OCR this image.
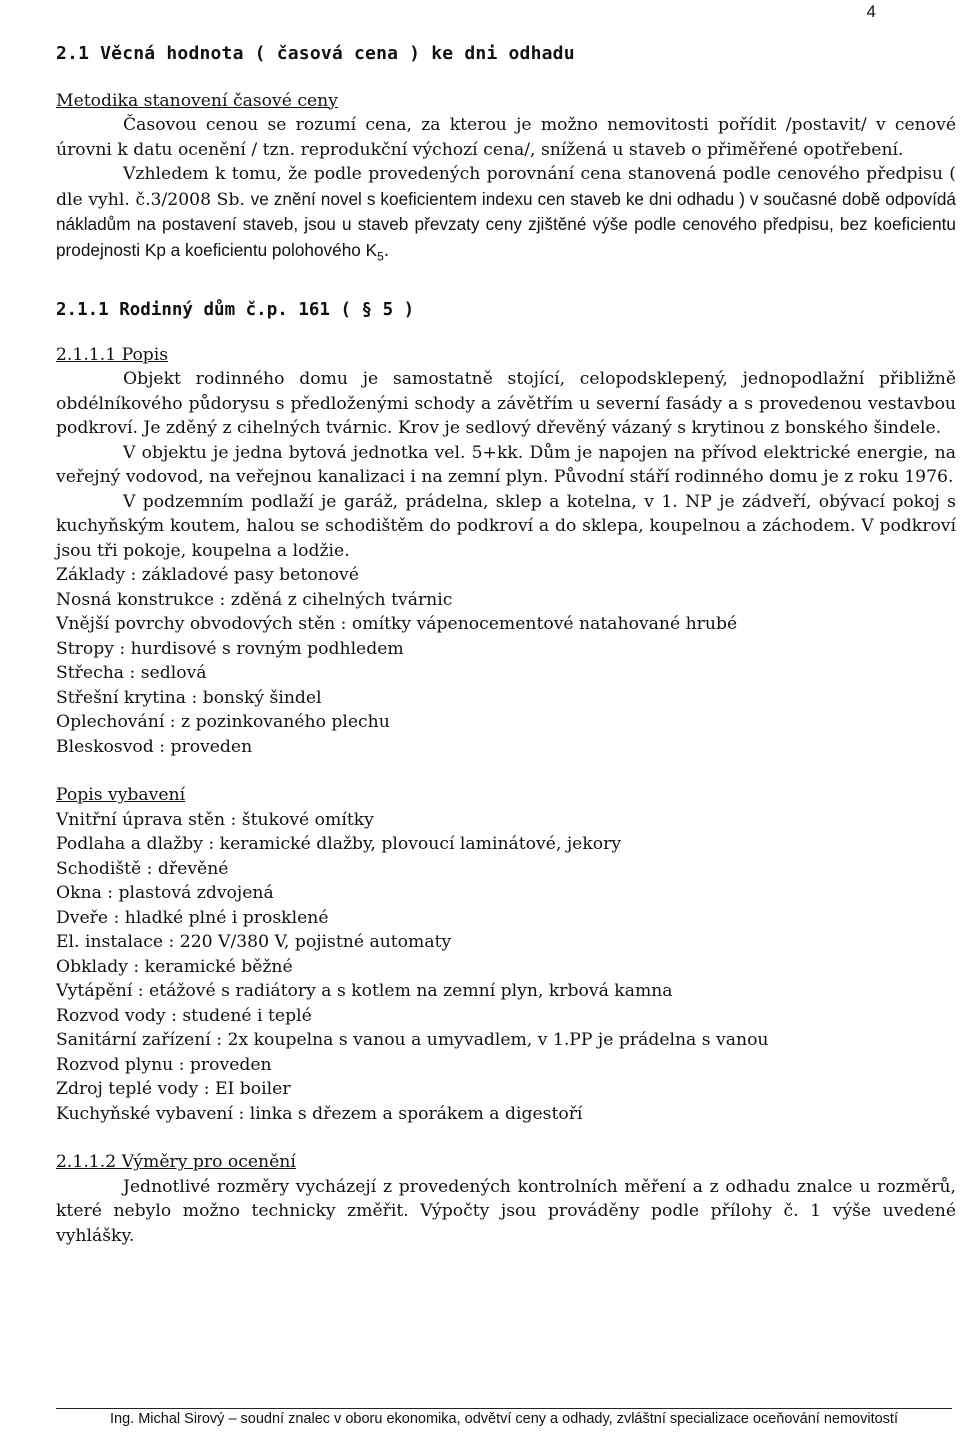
4
2.1 Věcná hodnota ( časová cena ) ke dni odhadu
Metodika stanovení časové ceny

Časovou cenou se rozumí cena, za kterou je možno nemovitosti pořídit /postavit/ v cenové úrovni k datu ocenění / tzn. reprodukční výchozí cena/, snížená u staveb o přiměřené opotřebení.

Vzhledem k tomu, že podle provedených porovnání cena stanovená podle cenového předpisu ( dle vyhl. č.3/2008 Sb. ve znění novel s koeficientem indexu cen staveb ke dni odhadu ) v současné době odpovídá nákladům na postavení staveb, jsou u staveb převzaty ceny zjištěné výše podle cenového předpisu, bez koeficientu prodejnosti Kp a koeficientu polohového $K_5$.

2.1.1 Rodinný dům č.p. 161 ( § 5 )
2.1.1.1 Popis

Objekt rodinného domu je samostatně stojící, celopodsklepený, jednopodlažní přibližně obdélníkového půdorysu s předloženými schody a závětřím u severní fasády a s provedenou vestavbou podkroví. Je zděný z cihelných tvárnic. Krov je sedlový dřevěný vázaný s krytinou z bonského šindele.

V objektu je jedna bytová jednotka vel. 5+kk. Dům je napojen na přívod elektrické energie, na veřejný vodovod, na veřejnou kanalizaci i na zemní plyn. Původní stáří rodinného domu je z roku 1976.

V podzemním podlaží je garáž, prádelna, sklep a kotelna, v 1. NP je zádveří, obývací pokoj s kuchyňským koutem, halou se schodištěm do podkroví a do sklepa, koupelnou a záchodem. V podkroví jsou tři pokoje, koupelna a lodžie.

Základy : základové pasy betonové
Nosná konstrukce : zděná z cihelných tvárnic
Vnější povrchy obvodových stěn : omítky vápenocementové natahované hrubé
Stropy : hurdisové s rovným podhledem
Střecha : sedlová
Střešní krytina : bonský šindel
Oplechování : z pozinkovaného plechu
Bleskosvod : proveden
Popis vybavení
Vnitřní úprava stěn : štukové omítky
Podlaha a dlažby : keramické dlažby, plovoucí laminátové, jekory
Schodiště : dřevěné
Okna : plastová zdvojená
Dveře : hladké plné i prosklené
El. instalace : 220 V/380 V, pojistné automaty
Obklady : keramické běžné
Vytápění : etážové s radiátory a s kotlem na zemní plyn, krbová kamna
Rozvod vody : studené i teplé
Sanitární zařízení : 2x koupelna s vanou a umyvadlem, v 1.PP je prádelna s vanou
Rozvod plynu : proveden
Zdroj teplé vody : EI boiler
Kuchyňské vybavení : linka s dřezem a sporákem a digestoří
2.1.1.2 Výměry pro ocenění

Jednotlivé rozměry vycházejí z provedených kontrolních měření a z odhadu znalce u rozměrů, které nebylo možno technicky změřit. Výpočty jsou prováděny podle přílohy č. 1 výše uvedené vyhlášky.

Ing. Michal Sirový – soudní znalec v oboru ekonomika, odvětví ceny a odhady, zvláštní specializace oceňování nemovitostí
